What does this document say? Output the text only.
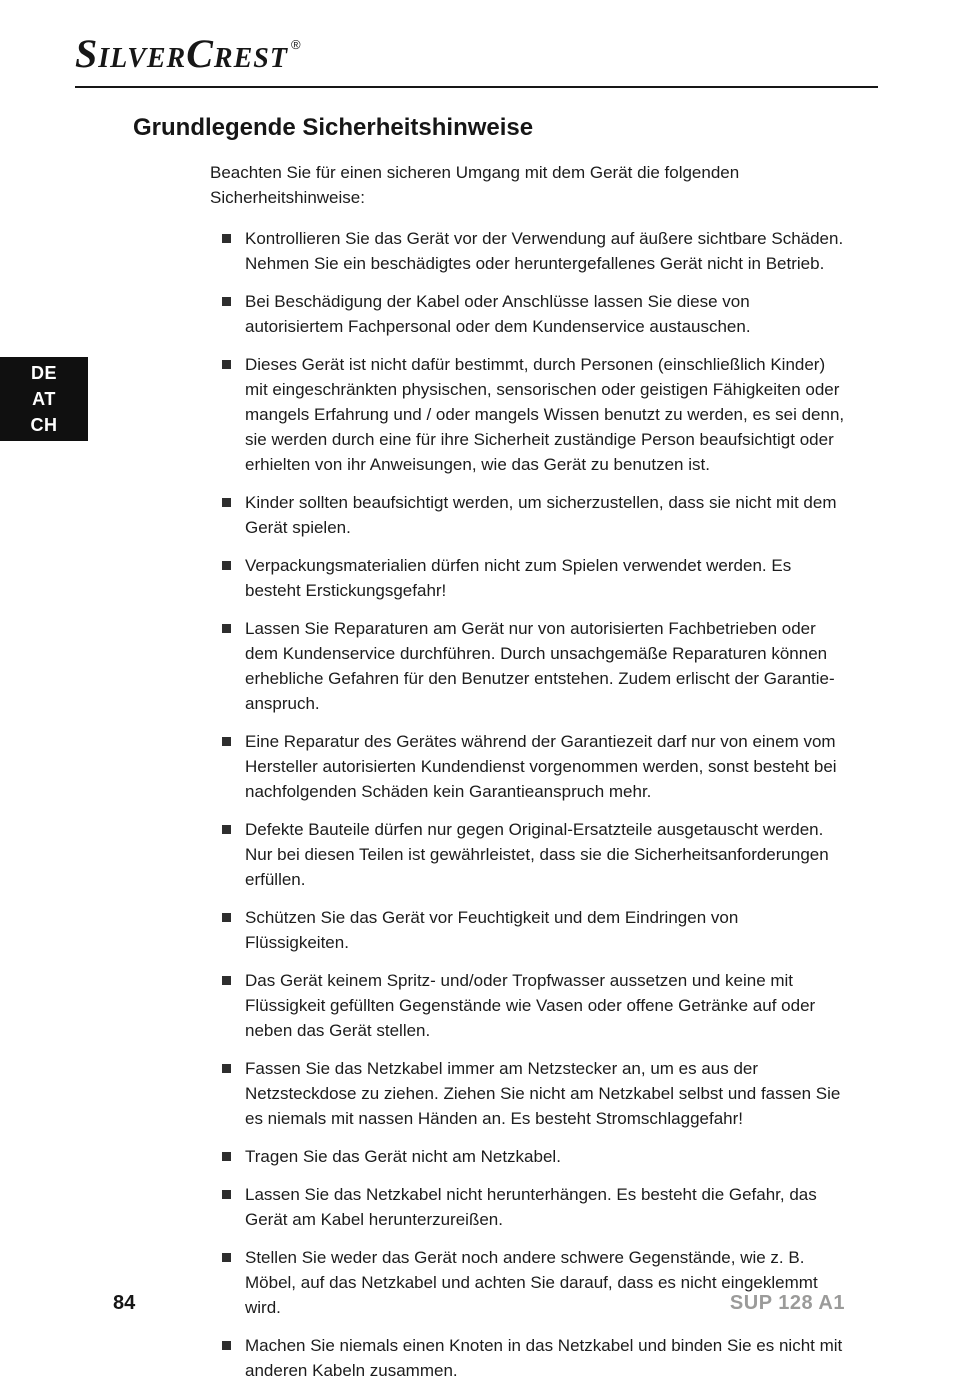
SilverCrest ®
DE
AT
CH
Grundlegende Sicherheitshinweise

Beachten Sie für einen sicheren Umgang mit dem Gerät die folgenden Sicherheitshinweise:

Kontrollieren Sie das Gerät vor der Verwendung auf äußere sichtbare Schäden. Nehmen Sie ein beschädigtes oder heruntergefallenes Gerät nicht in Betrieb.
Bei Beschädigung der Kabel oder Anschlüsse lassen Sie diese von autorisiertem Fachpersonal oder dem Kundenservice austauschen.
Dieses Gerät ist nicht dafür bestimmt, durch Personen (einschließlich Kinder) mit eingeschränkten physischen, sensorischen oder geistigen Fähigkeiten oder mangels Erfahrung und / oder mangels Wissen benutzt zu werden, es sei denn, sie werden durch eine für ihre Sicherheit zuständige Person beaufsichtigt oder erhielten von ihr Anweisungen, wie das Gerät zu benutzen ist.
Kinder sollten beaufsichtigt werden, um sicherzustellen, dass sie nicht mit dem Gerät spielen.
Verpackungsmaterialien dürfen nicht zum Spielen verwendet werden. Es besteht Erstickungsgefahr!
Lassen Sie Reparaturen am Gerät nur von autorisierten Fachbetrieben oder dem Kundenservice durchführen. Durch unsachgemäße Reparaturen können erhebliche Gefahren für den Benutzer entstehen. Zudem erlischt der Garantieanspruch.
Eine Reparatur des Gerätes während der Garantiezeit darf nur von einem vom Hersteller autorisierten Kundendienst vorgenommen werden, sonst besteht bei nachfolgenden Schäden kein Garantieanspruch mehr.
Defekte Bauteile dürfen nur gegen Original-Ersatzteile ausgetauscht werden. Nur bei diesen Teilen ist gewährleistet, dass sie die Sicherheitsanforderungen erfüllen.
Schützen Sie das Gerät vor Feuchtigkeit und dem Eindringen von Flüssigkeiten.
Das Gerät keinem Spritz- und/oder Tropfwasser aussetzen und keine mit Flüssigkeit gefüllten Gegenstände wie Vasen oder offene Getränke auf oder neben das Gerät stellen.
Fassen Sie das Netzkabel immer am Netzstecker an, um es aus der Netzsteckdose zu ziehen. Ziehen Sie nicht am Netzkabel selbst und fassen Sie es niemals mit nassen Händen an. Es besteht Stromschlaggefahr!
Tragen Sie das Gerät nicht am Netzkabel.
Lassen Sie das Netzkabel nicht herunterhängen. Es besteht die Gefahr, das Gerät am Kabel herunterzureißen.
Stellen Sie weder das Gerät noch andere schwere Gegenstände, wie z. B. Möbel, auf das Netzkabel und achten Sie darauf, dass es nicht eingeklemmt wird.
Machen Sie niemals einen Knoten in das Netzkabel und binden Sie es nicht mit anderen Kabeln zusammen.
84	SUP 128 A1
